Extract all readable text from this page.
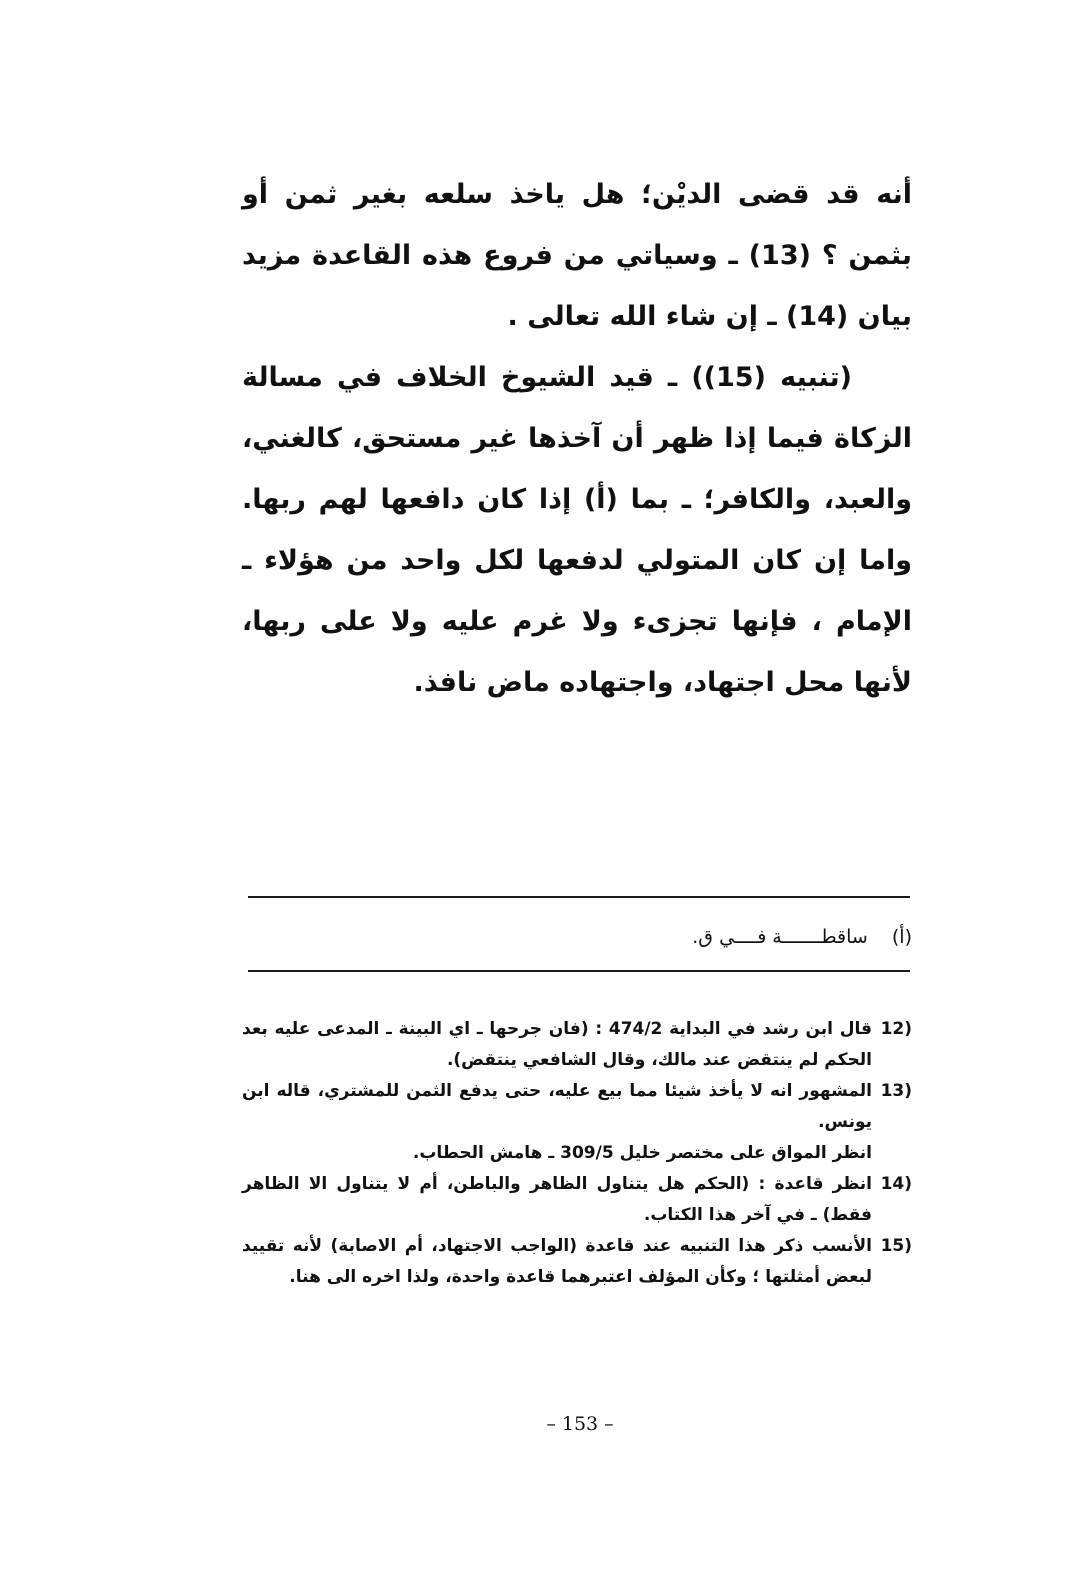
أنه قد قضى الديْن؛ هل ياخذ سلعه بغير ثمن أو بثمن ؟ (13) ـ وسياتي من فروع هذه القاعدة مزيد بيان (14) ـ إن شاء الله تعالى .

(تنبيه (15)) ـ قيد الشيوخ الخلاف في مسالة الزكاة فيما إذا ظهر أن آخذها غير مستحق، كالغني، والعبد، والكافر؛ ـ بما (أ) إذا كان دافعها لهم ربها. واما إن كان المتولي لدفعها لكل واحد من هؤلاء ـ الإمام ، فإنها تجزىء ولا غرم عليه ولا على ربها، لأنها محل اجتهاد، واجتهاده ماض نافذ.

(أ) ساقطـــــــة فــــي ق.
12)
قال ابن رشد في البداية 474/2 : (فان جرحها ـ اي البينة ـ المدعى عليه بعد الحكم لم ينتقض عند مالك، وقال الشافعي ينتقض).
13)
المشهور انه لا يأخذ شيئا مما بيع عليه، حتى يدفع الثمن للمشتري، قاله ابن يونس.
انظر المواق على مختصر خليل 309/5 ـ هامش الحطاب.
14)
انظر قاعدة : (الحكم هل يتناول الظاهر والباطن، أم لا يتناول الا الظاهر فقط) ـ في آخر هذا الكتاب.
15)
الأنسب ذكر هذا التنبيه عند قاعدة (الواجب الاجتهاد، أم الاصابة) لأنه تقييد لبعض أمثلتها ؛ وكأن المؤلف اعتبرهما قاعدة واحدة، ولذا اخره الى هنا.
– 153 –
